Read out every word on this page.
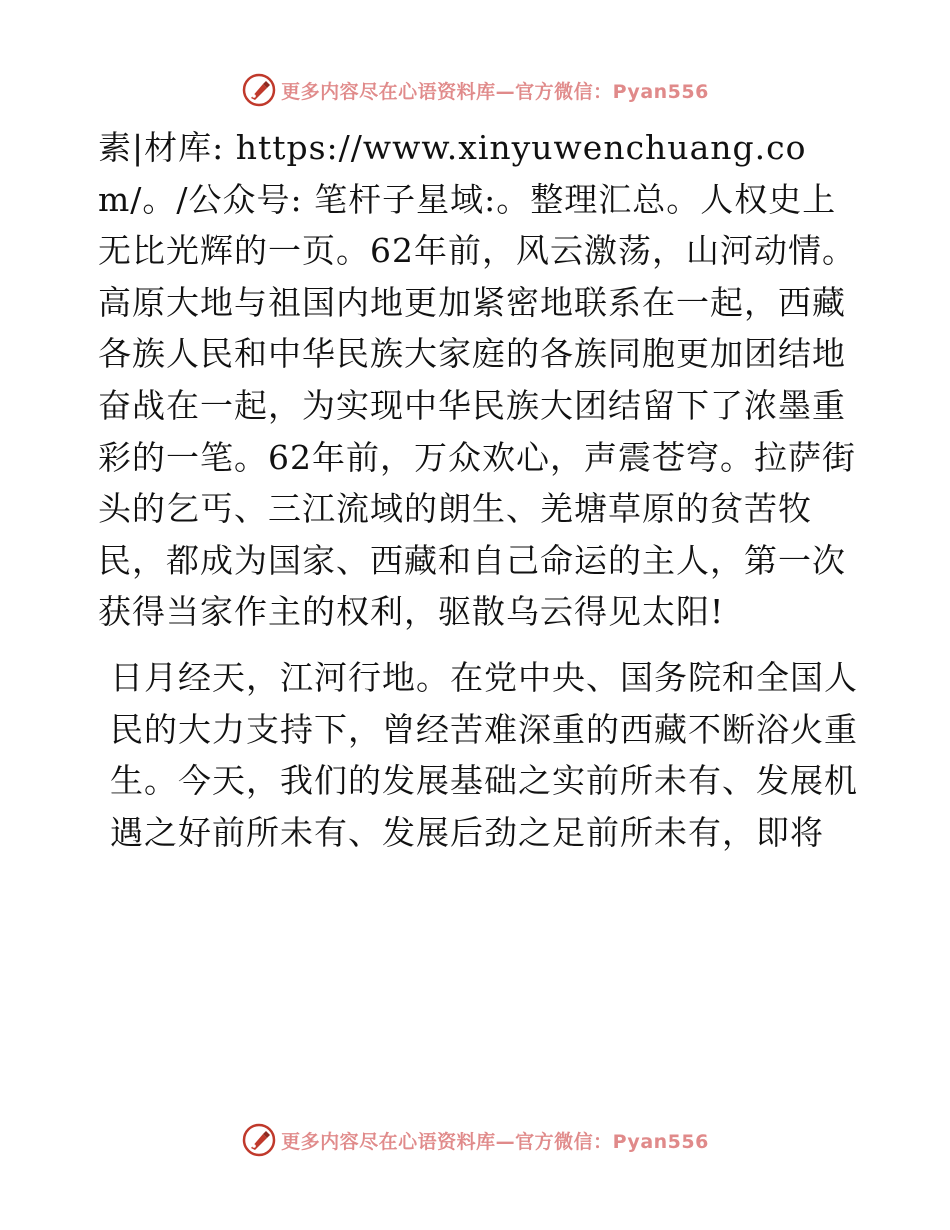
更多内容尽在心语资料库—官方微信：Pyan556

素|材库: https://www.xinyuwenchuang.com/。/公众号: 笔杆子星域:。整理汇总。人权史上无比光辉的一页。62年前，风云激荡，山河动情。高原大地与祖国内地更加紧密地联系在一起，西藏各族人民和中华民族大家庭的各族同胞更加团结地奋战在一起，为实现中华民族大团结留下了浓墨重彩的一笔。62年前，万众欢心，声震苍穹。拉萨街头的乞丐、三江流域的朗生、羌塘草原的贫苦牧民，都成为国家、西藏和自己命运的主人，第一次获得当家作主的权利，驱散乌云得见太阳!

日月经天，江河行地。在党中央、国务院和全国人民的大力支持下，曾经苦难深重的西藏不断浴火重生。今天，我们的发展基础之实前所未有、发展机遇之好前所未有、发展后劲之足前所未有，即将

更多内容尽在心语资料库—官方微信：Pyan556
